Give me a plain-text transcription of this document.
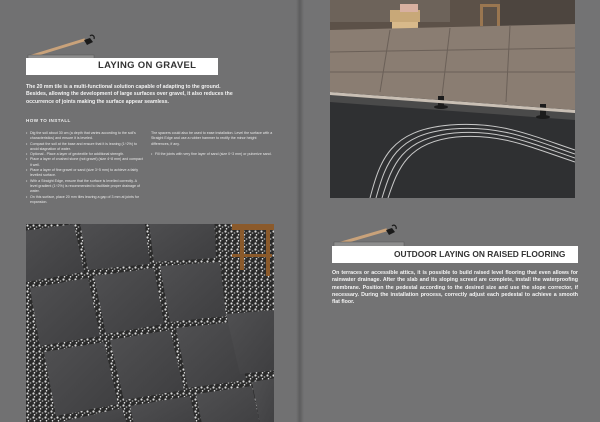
LAYING ON GRAVEL

The 20 mm tile is a multi-functional solution capable of adapting to the ground. Besides, allowing the development of large surfaces over gravel, it also reduces the occurrence of joints making the surface appear seamless.

HOW TO INSTALL
• Dig the soil about 30 cm (a depth that varies according to the soil's characteristics) and ensure it is leveled.
• Compact the soil at the base and ensure that it is leaning (1÷2%) to avoid stagnation of water.
• Optional - Place a layer of geotextile for additional strength.
• Place a layer of crushed stone (not gravel) (size 4÷8 mm) and compact it well.
• Place a layer of fine gravel or sand (size 3÷5 mm) to achieve a fairly levelled surface.
• With a Straight Edge, ensure that the surface is levelled correctly. A level gradient (1÷2%) is recommended to facilitate proper drainage of water.
• On this surface, place 20 mm tiles leaving a gap of 3 mm at joints for expansion.

The spacers could also be used to ease installation. Level the surface with a Straight Edge and use a rubber hammer to rectify the minor height differences, if any.

• Fill the joints with very fine layer of sand (size 0÷3 mm) or pulverize sand.

OUTDOOR LAYING ON RAISED FLOORING

On terraces or accessible attics, it is possible to build raised level flooring that even allows for rainwater drainage. After the slab and its sloping screed are complete, install the waterproofing membrane. Position the pedestal according to the desired size and use the slope corrector, if necessary. During the installation process, correctly adjust each pedestal to achieve a smooth flat floor.
